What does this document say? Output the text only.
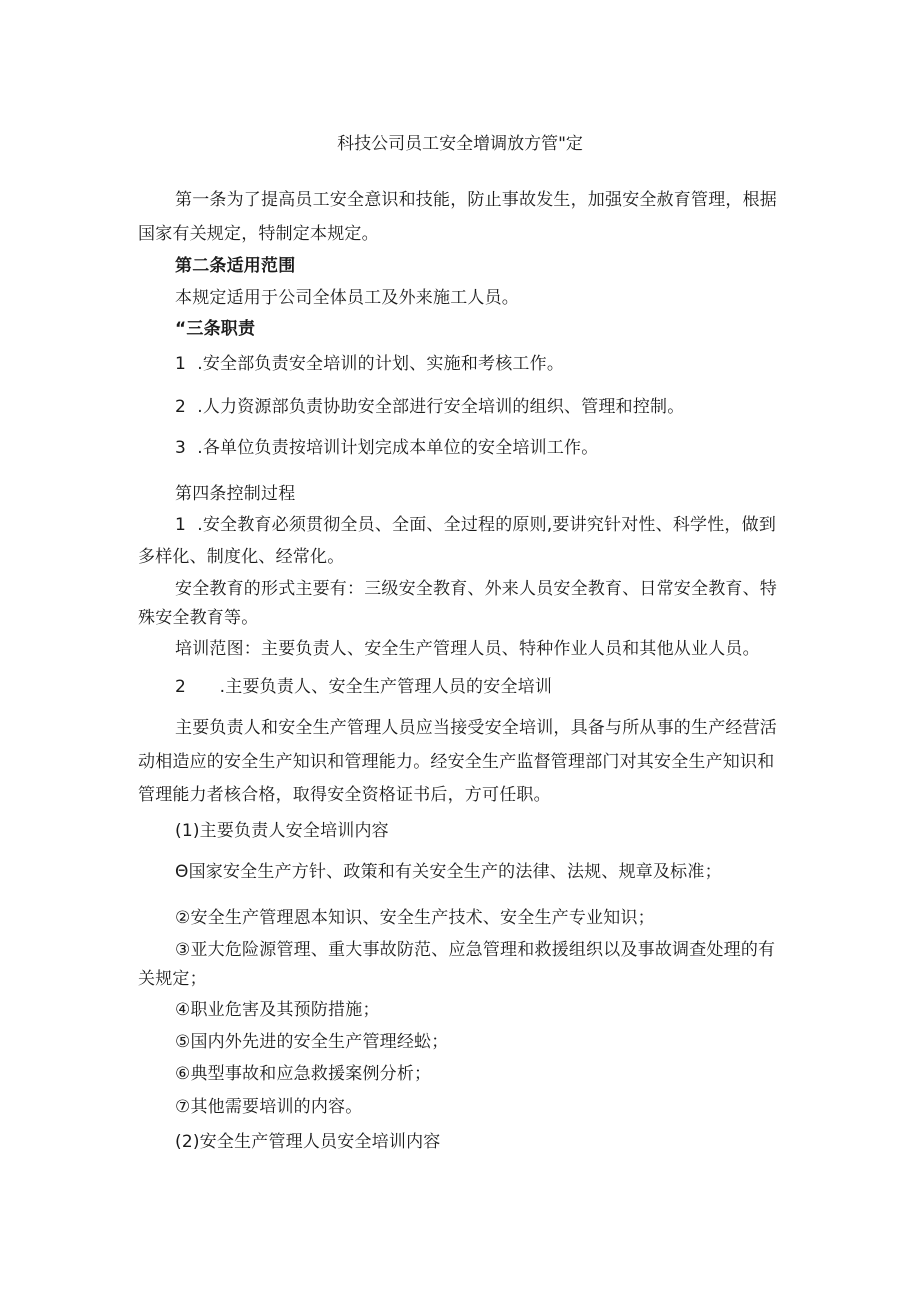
科技公司员工安全增调放方管"定
第一条为了提高员工安全意识和技能，防止事故发生，加强安全赦育管理，根据
国家有关规定，特制定本规定。
第二条适用范围
本规定适用于公司全体员工及外来施工人员。
“三条职责
1  .安全部负责安全培训的计划、实施和考核工作。
2  .人力资源部负责协助安全部进行安全培训的组织、管理和控制。
3  .各单位负责按培训计划完成本单位的安全培训工作。
第四条控制过程
1  .安全教育必须贯彻全员、全面、全过程的原则,要讲究针对性、科学性，做到
多样化、制度化、经常化。
安全教育的形式主要有：三级安全教育、外来人员安全教育、日常安全教育、特
殊安全教育等。
培训范图：主要负责人、安全生产管理人员、特种作业人员和其他从业人员。
2      .主要负责人、安全生产管理人员的安全培训
主要负责人和安全生产管理人员应当接受安全培训，具备与所从事的生产经营活
动相造应的安全生产知识和管理能力。经安全生产监督管理部门对其安全生产知识和
管理能力者核合格，取得安全资格证书后，方可任职。
(1)主要负责人安全培训内容
Θ国家安全生产方针、政策和有关安全生产的法律、法规、规章及标准；
②安全生产管理恩本知识、安全生产技术、安全生产专业知识；
③亚大危险源管理、重大事故防范、应急管理和救援组织以及事故调查处理的有
关规定；
④职业危害及其预防措施；
⑤国内外先进的安全生产管理经蚣；
⑥典型事故和应急救援案例分析；
⑦其他需要培训的内容。
(2)安全生产管理人员安全培训内容
